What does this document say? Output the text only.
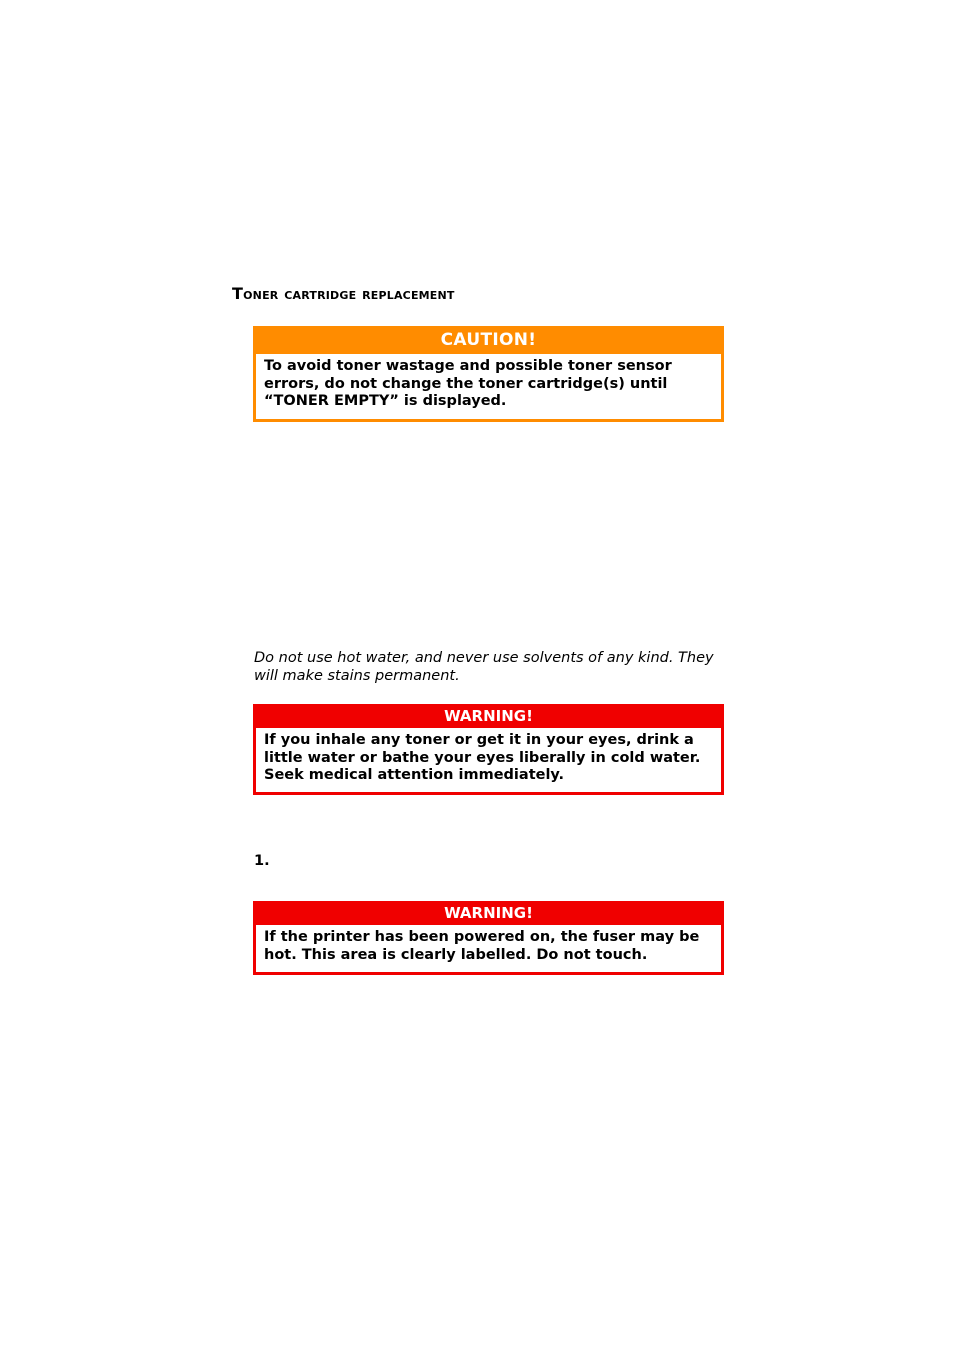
Toner cartridge replacement
CAUTION!
To avoid toner wastage and possible toner sensor errors, do not change the toner cartridge(s) until “TONER EMPTY” is displayed.

Do not use hot water, and never use solvents of any kind. They will make stains permanent.

WARNING!
If you inhale any toner or get it in your eyes, drink a little water or bathe your eyes liberally in cold water. Seek medical attention immediately.

1.

WARNING!
If the printer has been powered on, the fuser may be hot. This area is clearly labelled. Do not touch.
